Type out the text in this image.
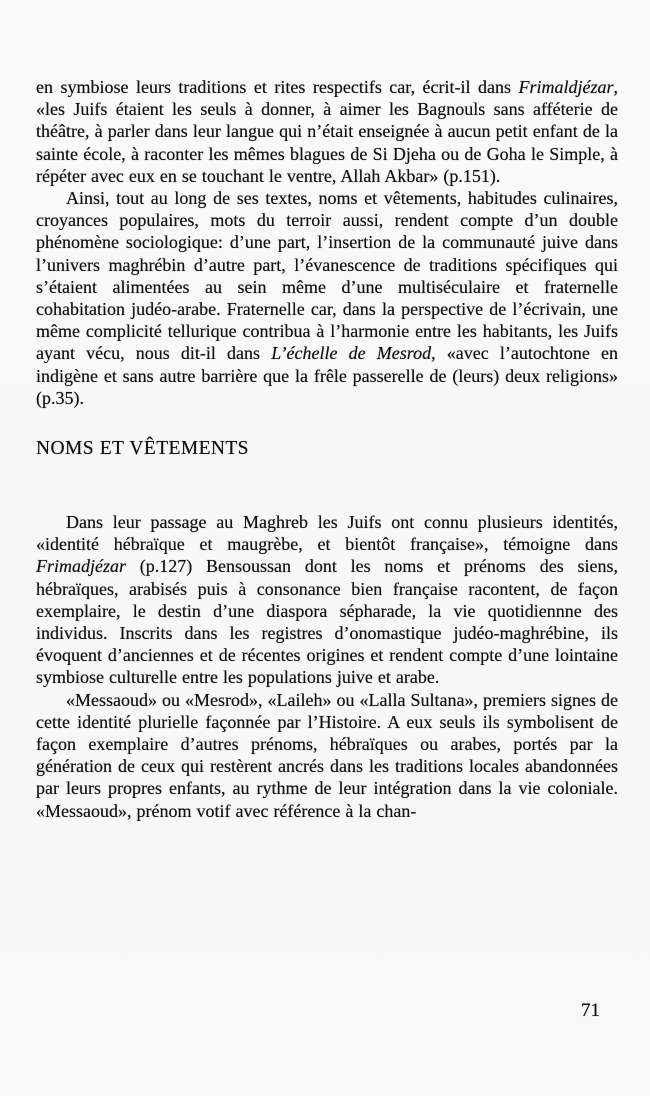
en symbiose leurs traditions et rites respectifs car, écrit-il dans Frimaldjézar, «les Juifs étaient les seuls à donner, à aimer les Bagnouls sans afféterie de théâtre, à parler dans leur langue qui n’était enseignée à aucun petit enfant de la sainte école, à raconter les mêmes blagues de Si Djeha ou de Goha le Simple, à répéter avec eux en se touchant le ventre, Allah Akbar» (p.151).

Ainsi, tout au long de ses textes, noms et vêtements, habitudes culinaires, croyances populaires, mots du terroir aussi, rendent compte d’un double phénomène sociologique: d’une part, l’insertion de la communauté juive dans l’univers maghrébin d’autre part, l’évanescence de traditions spécifiques qui s’étaient alimentées au sein même d’une multiséculaire et fraternelle cohabitation judéo-arabe. Fraternelle car, dans la perspective de l’écrivain, une même complicité tellurique contribua à l’harmonie entre les habitants, les Juifs ayant vécu, nous dit-il dans L’échelle de Mesrod, «avec l’autochtone en indigène et sans autre barrière que la frêle passerelle de (leurs) deux religions» (p.35).

NOMS ET VÊTEMENTS

Dans leur passage au Maghreb les Juifs ont connu plusieurs identités, «identité hébraïque et maugrèbe, et bientôt française», témoigne dans Frimadjézar (p.127) Bensoussan dont les noms et prénoms des siens, hébraïques, arabisés puis à consonance bien française racontent, de façon exemplaire, le destin d’une diaspora sépharade, la vie quotidiennne des individus. Inscrits dans les registres d’onomastique judéo-maghrébine, ils évoquent d’anciennes et de récentes origines et rendent compte d’une lointaine symbiose culturelle entre les populations juive et arabe.

«Messaoud» ou «Mesrod», «Laileh» ou «Lalla Sultana», premiers signes de cette identité plurielle façonnée par l’Histoire. A eux seuls ils symbolisent de façon exemplaire d’autres prénoms, hébraïques ou arabes, portés par la génération de ceux qui restèrent ancrés dans les traditions locales abandonnées par leurs propres enfants, au rythme de leur intégration dans la vie coloniale. «Messaoud», prénom votif avec référence à la chan-

71
